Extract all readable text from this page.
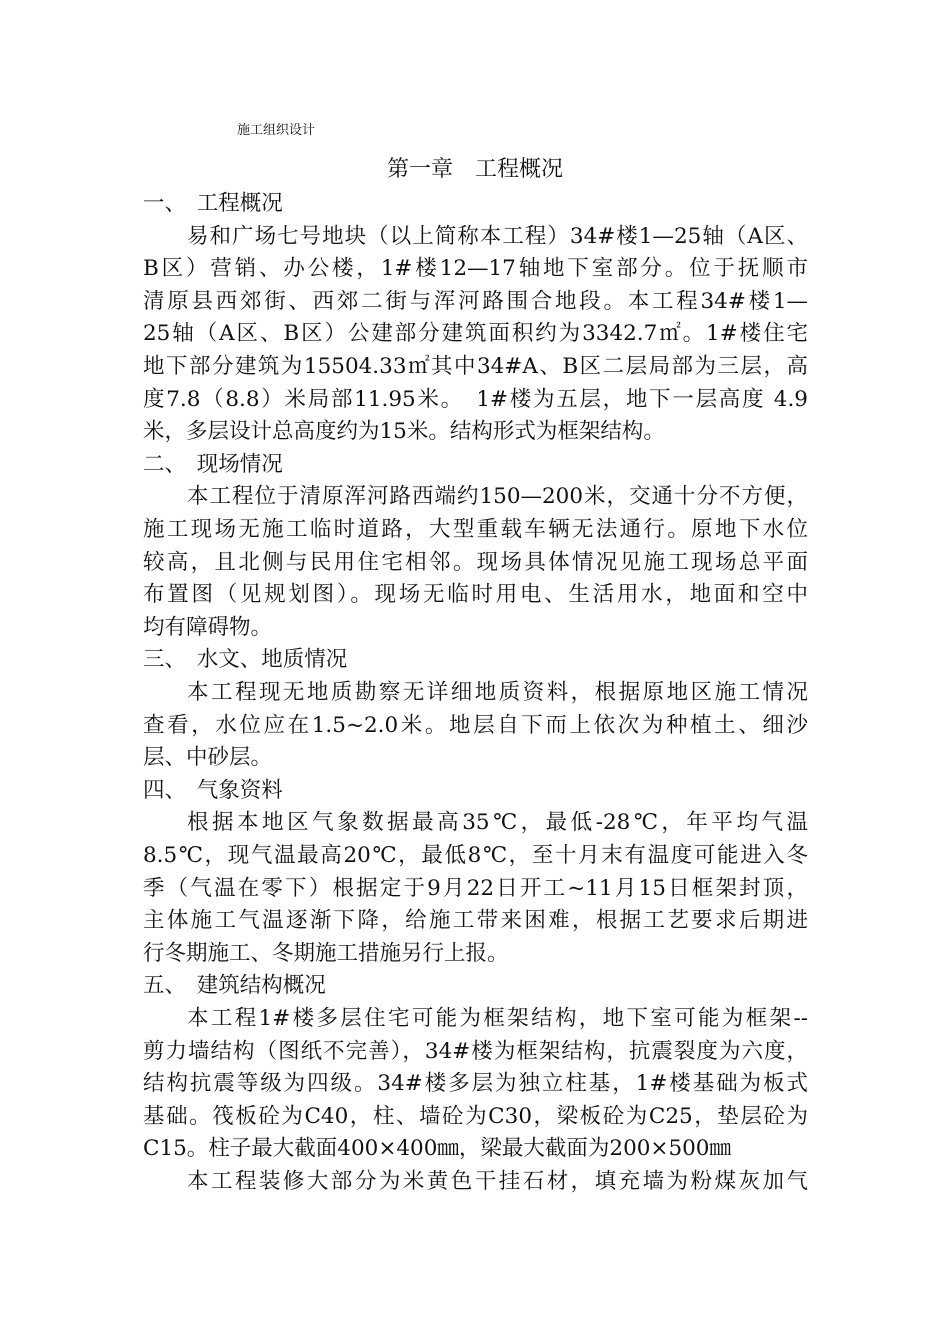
施工组织设计
第一章　工程概况
一、　工程概况
易和广场七号地块（以上简称本工程）34#楼1—25轴（A区、
B区）营销、办公楼，1#楼12—17轴地下室部分。位于抚顺市
清原县西郊街、西郊二街与浑河路围合地段。本工程34#楼1—
25轴（A区、B区）公建部分建筑面积约为3342.7㎡。1#楼住宅
地下部分建筑为15504.33㎡其中34#A、B区二层局部为三层，高
度7.8（8.8）米局部11.95米。　1#楼为五层，地下一层高度 4.9
米，多层设计总高度约为15米。结构形式为框架结构。
二、　现场情况
本工程位于清原浑河路西端约150—200米，交通十分不方便，
施工现场无施工临时道路，大型重载车辆无法通行。原地下水位
较高，且北侧与民用住宅相邻。现场具体情况见施工现场总平面
布置图（见规划图）。现场无临时用电、生活用水，地面和空中
均有障碍物。
三、　水文、地质情况
本工程现无地质勘察无详细地质资料，根据原地区施工情况
查看，水位应在1.5~2.0米。地层自下而上依次为种植土、细沙
层、中砂层。
四、　气象资料
根据本地区气象数据最高35℃，最低-28℃，年平均气温
8.5℃，现气温最高20℃，最低8℃，至十月末有温度可能进入冬
季（气温在零下）根据定于9月22日开工~11月15日框架封顶，
主体施工气温逐渐下降，给施工带来困难，根据工艺要求后期进
行冬期施工、冬期施工措施另行上报。
五、　建筑结构概况
本工程1#楼多层住宅可能为框架结构，地下室可能为框架--
剪力墙结构（图纸不完善），34#楼为框架结构，抗震裂度为六度，
结构抗震等级为四级。34#楼多层为独立柱基，1#楼基础为板式
基础。筏板砼为C40，柱、墙砼为C30，梁板砼为C25，垫层砼为
C15。柱子最大截面400×400㎜，梁最大截面为200×500㎜
本工程装修大部分为米黄色干挂石材，填充墙为粉煤灰加气
